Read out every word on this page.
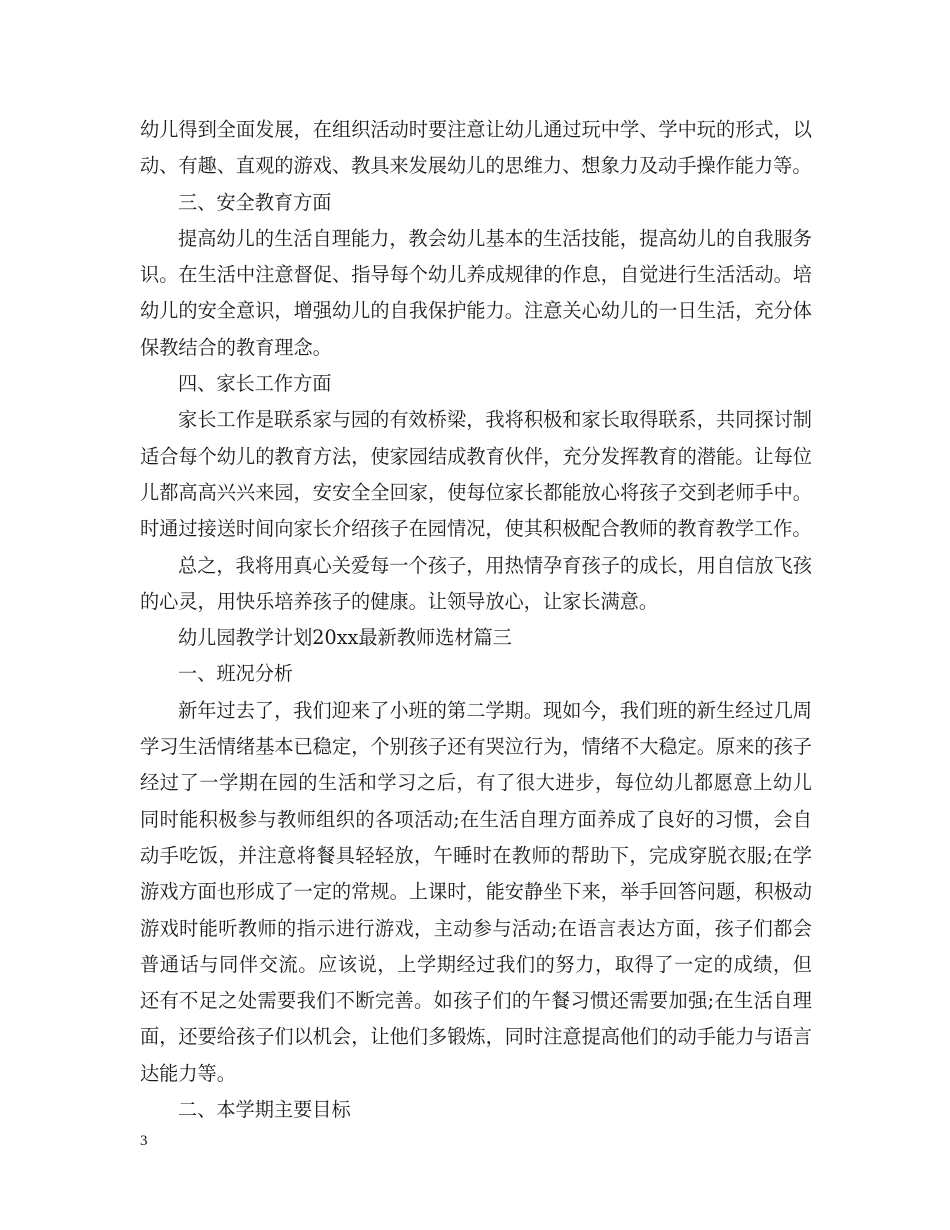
幼儿得到全面发展，在组织活动时要注意让幼儿通过玩中学、学中玩的形式，以
动、有趣、直观的游戏、教具来发展幼儿的思维力、想象力及动手操作能力等。
三、安全教育方面
提高幼儿的生活自理能力，教会幼儿基本的生活技能，提高幼儿的自我服务
识。在生活中注意督促、指导每个幼儿养成规律的作息，自觉进行生活活动。培
幼儿的安全意识，增强幼儿的自我保护能力。注意关心幼儿的一日生活，充分体
保教结合的教育理念。
四、家长工作方面
家长工作是联系家与园的有效桥梁，我将积极和家长取得联系，共同探讨制
适合每个幼儿的教育方法，使家园结成教育伙伴，充分发挥教育的潜能。让每位
儿都高高兴兴来园，安安全全回家，使每位家长都能放心将孩子交到老师手中。
时通过接送时间向家长介绍孩子在园情况，使其积极配合教师的教育教学工作。
总之，我将用真心关爱每一个孩子，用热情孕育孩子的成长，用自信放飞孩
的心灵，用快乐培养孩子的健康。让领导放心，让家长满意。
幼儿园教学计划20xx最新教师选材篇三
一、班况分析
新年过去了，我们迎来了小班的第二学期。现如今，我们班的新生经过几周
学习生活情绪基本已稳定，个别孩子还有哭泣行为，情绪不大稳定。原来的孩子
经过了一学期在园的生活和学习之后，有了很大进步，每位幼儿都愿意上幼儿
同时能积极参与教师组织的各项活动;在生活自理方面养成了良好的习惯，会自
动手吃饭，并注意将餐具轻轻放，午睡时在教师的帮助下，完成穿脱衣服;在学
游戏方面也形成了一定的常规。上课时，能安静坐下来，举手回答问题，积极动
游戏时能听教师的指示进行游戏，主动参与活动;在语言表达方面，孩子们都会
普通话与同伴交流。应该说，上学期经过我们的努力，取得了一定的成绩，但
还有不足之处需要我们不断完善。如孩子们的午餐习惯还需要加强;在生活自理
面，还要给孩子们以机会，让他们多锻炼，同时注意提高他们的动手能力与语言
达能力等。
二、本学期主要目标
3
